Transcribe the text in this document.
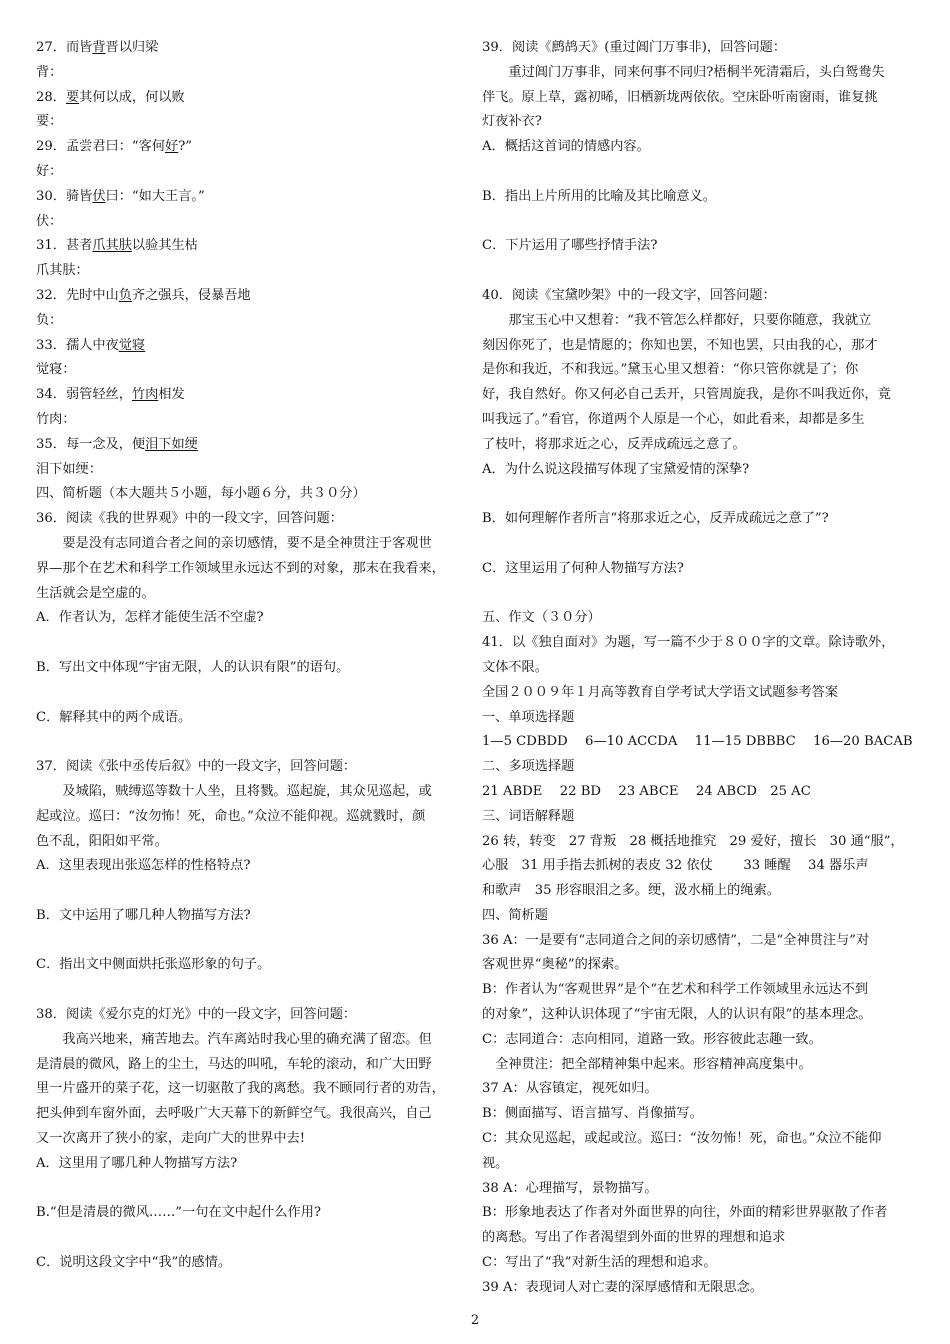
27．而皆背晋以归梁
背：
28．要其何以成，何以败
要：
29．孟尝君曰：“客何好?”
好：
30．骑皆伏曰：“如大王言。”
伏：
31．甚者爪其肤以验其生枯
爪其肤：
32．先时中山负齐之强兵，侵暴吾地
负：
33．孺人中夜觉寝
觉寝：
34．弱管轻丝，竹肉相发
竹肉：
35．每一念及，便泪下如绠
泪下如绠：
四、简析题（本大题共５小题，每小题６分，共３０分）
36．阅读《我的世界观》中的一段文字，回答问题：
要是没有志同道合者之间的亲切感情，要不是全神贯注于客观世
界—那个在艺术和科学工作领域里永远达不到的对象，那末在我看来，
生活就会是空虚的。
A．作者认为，怎样才能使生活不空虚?
B．写出文中体现“宇宙无限，人的认识有限”的语句。
C．解释其中的两个成语。
37．阅读《张中丞传后叙》中的一段文字，回答问题：
及城陷，贼缚巡等数十人坐，且将戮。巡起旋，其众见巡起，或
起或泣。巡曰：“汝勿怖！死，命也。”众泣不能仰视。巡就戮时，颜
色不乱，阳阳如平常。
A．这里表现出张巡怎样的性格特点?
B．文中运用了哪几种人物描写方法?
C．指出文中侧面烘托张巡形象的句子。
38．阅读《爱尔克的灯光》中的一段文字，回答问题：
我高兴地来，痛苦地去。汽车离站时我心里的确充满了留恋。但
是清晨的微风，路上的尘土，马达的叫吼，车轮的滚动，和广大田野
里一片盛开的菜子花，这一切驱散了我的离愁。我不顾同行者的劝告，
把头伸到车窗外面，去呼吸广大天幕下的新鲜空气。我很高兴，自己
又一次离开了狭小的家，走向广大的世界中去!
A．这里用了哪几种人物描写方法?
B.“但是清晨的微风……”一句在文中起什么作用?
C．说明这段文字中“我”的感情。
39．阅读《鹧鸪天》(重过阊门万事非)，回答问题：
重过阊门万事非，同来何事不同归?梧桐半死清霜后，头白鸳鸯失
伴飞。原上草，露初晞，旧栖新垅两依依。空床卧听南窗雨，谁复挑
灯夜补衣?
A．概括这首词的情感内容。
B．指出上片所用的比喻及其比喻意义。
C．下片运用了哪些抒情手法?
40．阅读《宝黛吵架》中的一段文字，回答问题：
那宝玉心中又想着：“我不管怎么样都好，只要你随意，我就立
刻因你死了，也是情愿的；你知也罢，不知也罢，只由我的心，那才
是你和我近，不和我远。”黛玉心里又想着：“你只管你就是了；你
好，我自然好。你又何必自己丢开，只管周旋我，是你不叫我近你，竟
叫我远了。”看官，你道两个人原是一个心，如此看来，却都是多生
了枝叶，将那求近之心，反弄成疏远之意了。
A．为什么说这段描写体现了宝黛爱情的深挚?
B．如何理解作者所言“将那求近之心，反弄成疏远之意了”?
C．这里运用了何种人物描写方法?
五、作文（３０分）
41．以《独自面对》为题，写一篇不少于８００字的文章。除诗歌外，
文体不限。
全国２００９年１月高等教育自学考试大学语文试题参考答案
一、单项选择题
1—5 CDBDD　 6—10 ACCDA　 11—15 DBBBC　 16—20 BACAB
二、多项选择题
21 ABDE　 22 BD　 23 ABCE　 24 ABCD　25 AC
三、词语解释题
26 转，转变　27 背叛　28 概括地推究　29 爱好，擅长　30 通“服”，
心服　31 用手指去抓树的表皮 32 依仗　　 33 睡醒　 34 器乐声
和歌声　35 形容眼泪之多。绠，汲水桶上的绳索。
四、简析题
36 A：一是要有“志同道合之间的亲切感情”，二是“全神贯注与”对
客观世界“奥秘”的探索。
B：作者认为“客观世界”是个“在艺术和科学工作领域里永远达不到
的对象”，这种认识体现了“宇宙无限，人的认识有限”的基本理念。
C：志同道合：志向相同，道路一致。形容彼此志趣一致。
全神贯注：把全部精神集中起来。形容精神高度集中。
37 A：从容镇定，视死如归。
B：侧面描写、语言描写、肖像描写。
C：其众见巡起，或起或泣。巡曰：“汝勿怖！死，命也。”众泣不能仰
视。
38 A：心理描写，景物描写。
B：形象地表达了作者对外面世界的向往，外面的精彩世界驱散了作者
的离愁。写出了作者渴望到外面的世界的理想和追求
C：写出了“我”对新生活的理想和追求。
39 A：表现词人对亡妻的深厚感情和无限思念。
2
